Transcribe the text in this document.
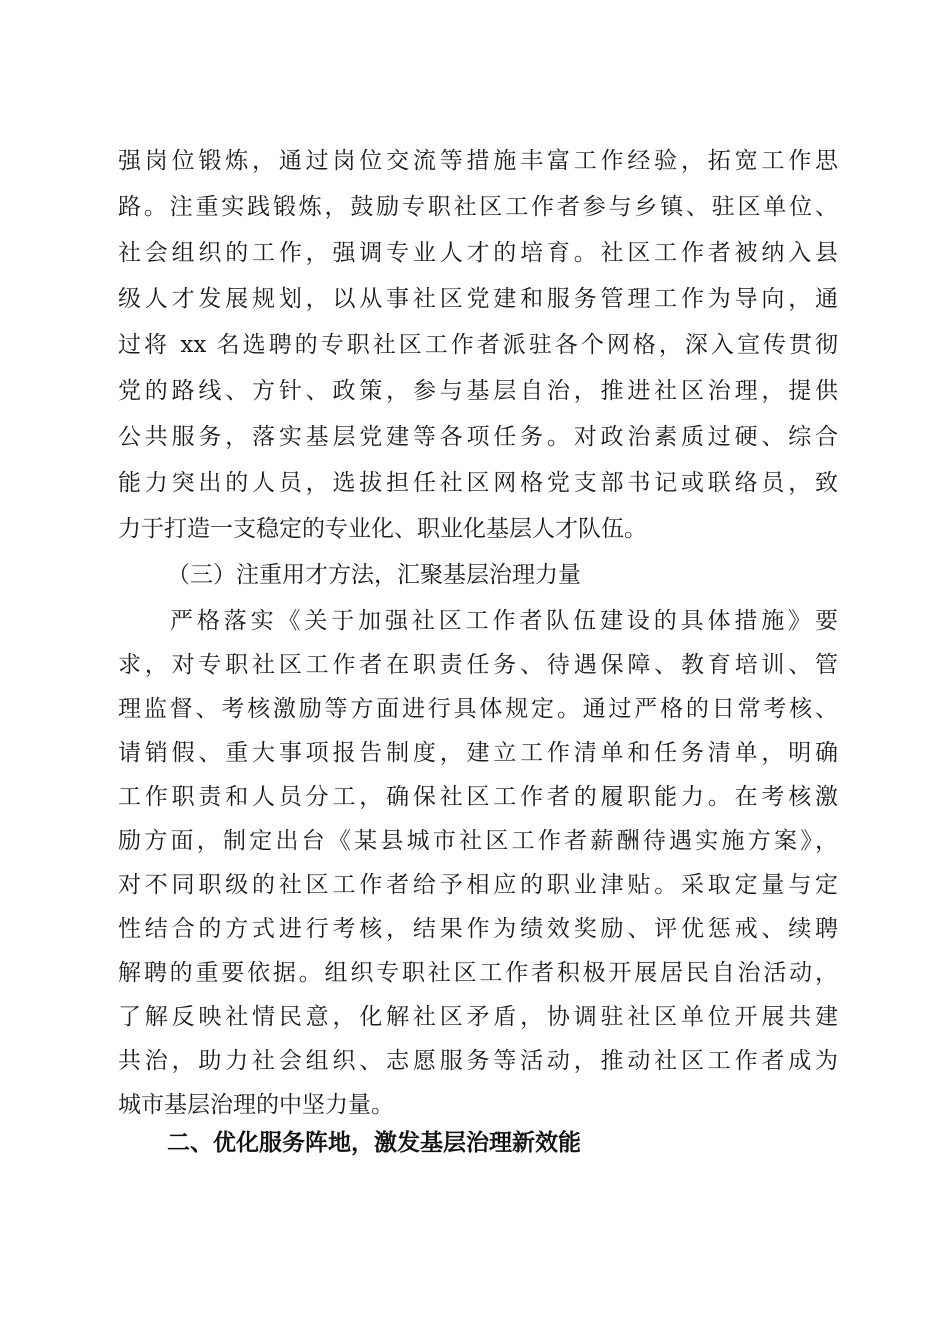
强岗位锻炼，通过岗位交流等措施丰富工作经验，拓宽工作思
路。注重实践锻炼，鼓励专职社区工作者参与乡镇、驻区单位、
社会组织的工作，强调专业人才的培育。社区工作者被纳入县
级人才发展规划，以从事社区党建和服务管理工作为导向，通
过将 xx 名选聘的专职社区工作者派驻各个网格，深入宣传贯彻
党的路线、方针、政策，参与基层自治，推进社区治理，提供
公共服务，落实基层党建等各项任务。对政治素质过硬、综合
能力突出的人员，选拔担任社区网格党支部书记或联络员，致
力于打造一支稳定的专业化、职业化基层人才队伍。
（三）注重用才方法，汇聚基层治理力量
严格落实《关于加强社区工作者队伍建设的具体措施》要
求，对专职社区工作者在职责任务、待遇保障、教育培训、管
理监督、考核激励等方面进行具体规定。通过严格的日常考核、
请销假、重大事项报告制度，建立工作清单和任务清单，明确
工作职责和人员分工，确保社区工作者的履职能力。在考核激
励方面，制定出台《某县城市社区工作者薪酬待遇实施方案》，
对不同职级的社区工作者给予相应的职业津贴。采取定量与定
性结合的方式进行考核，结果作为绩效奖励、评优惩戒、续聘
解聘的重要依据。组织专职社区工作者积极开展居民自治活动，
了解反映社情民意，化解社区矛盾，协调驻社区单位开展共建
共治，助力社会组织、志愿服务等活动，推动社区工作者成为
城市基层治理的中坚力量。
二、优化服务阵地，激发基层治理新效能
